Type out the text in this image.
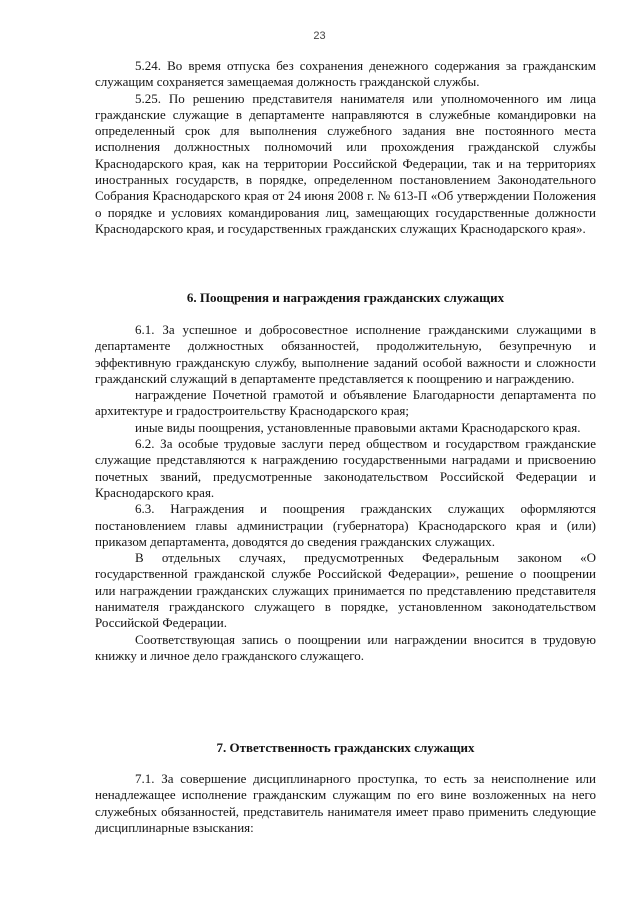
23

5.24. Во время отпуска без сохранения денежного содержания за гражданским служащим сохраняется замещаемая должность гражданской службы.

5.25. По решению представителя нанимателя или уполномоченного им лица гражданские служащие в департаменте направляются в служебные командировки на определенный срок для выполнения служебного задания вне постоянного места исполнения должностных полномочий или прохождения гражданской службы Краснодарского края, как на территории Российской Федерации, так и на территориях иностранных государств, в порядке, определенном постановлением Законодательного Собрания Краснодарского края от 24 июня 2008 г. № 613-П «Об утверждении Положения о порядке и условиях командирования лиц, замещающих государственные должности Краснодарского края, и государственных гражданских служащих Краснодарского края».

6. Поощрения и награждения гражданских служащих

6.1. За успешное и добросовестное исполнение гражданскими служащими в департаменте должностных обязанностей, продолжительную, безупречную и эффективную гражданскую службу, выполнение заданий особой важности и сложности гражданский служащий в департаменте представляется к поощрению и награждению.

награждение Почетной грамотой и объявление Благодарности департамента по архитектуре и градостроительству Краснодарского края;

иные виды поощрения, установленные правовыми актами Краснодарского края.

6.2. За особые трудовые заслуги перед обществом и государством гражданские служащие представляются к награждению государственными наградами и присвоению почетных званий, предусмотренные законодательством Российской Федерации и Краснодарского края.

6.3. Награждения и поощрения гражданских служащих оформляются постановлением главы администрации (губернатора) Краснодарского края и (или) приказом департамента, доводятся до сведения гражданских служащих.

В отдельных случаях, предусмотренных Федеральным законом «О государственной гражданской службе Российской Федерации», решение о поощрении или награждении гражданских служащих принимается по представлению представителя нанимателя гражданского служащего в порядке, установленном законодательством Российской Федерации.

Соответствующая запись о поощрении или награждении вносится в трудовую книжку и личное дело гражданского служащего.

7. Ответственность гражданских служащих

7.1. За совершение дисциплинарного проступка, то есть за неисполнение или ненадлежащее исполнение гражданским служащим по его вине возложенных на него служебных обязанностей, представитель нанимателя имеет право применить следующие дисциплинарные взыскания:
